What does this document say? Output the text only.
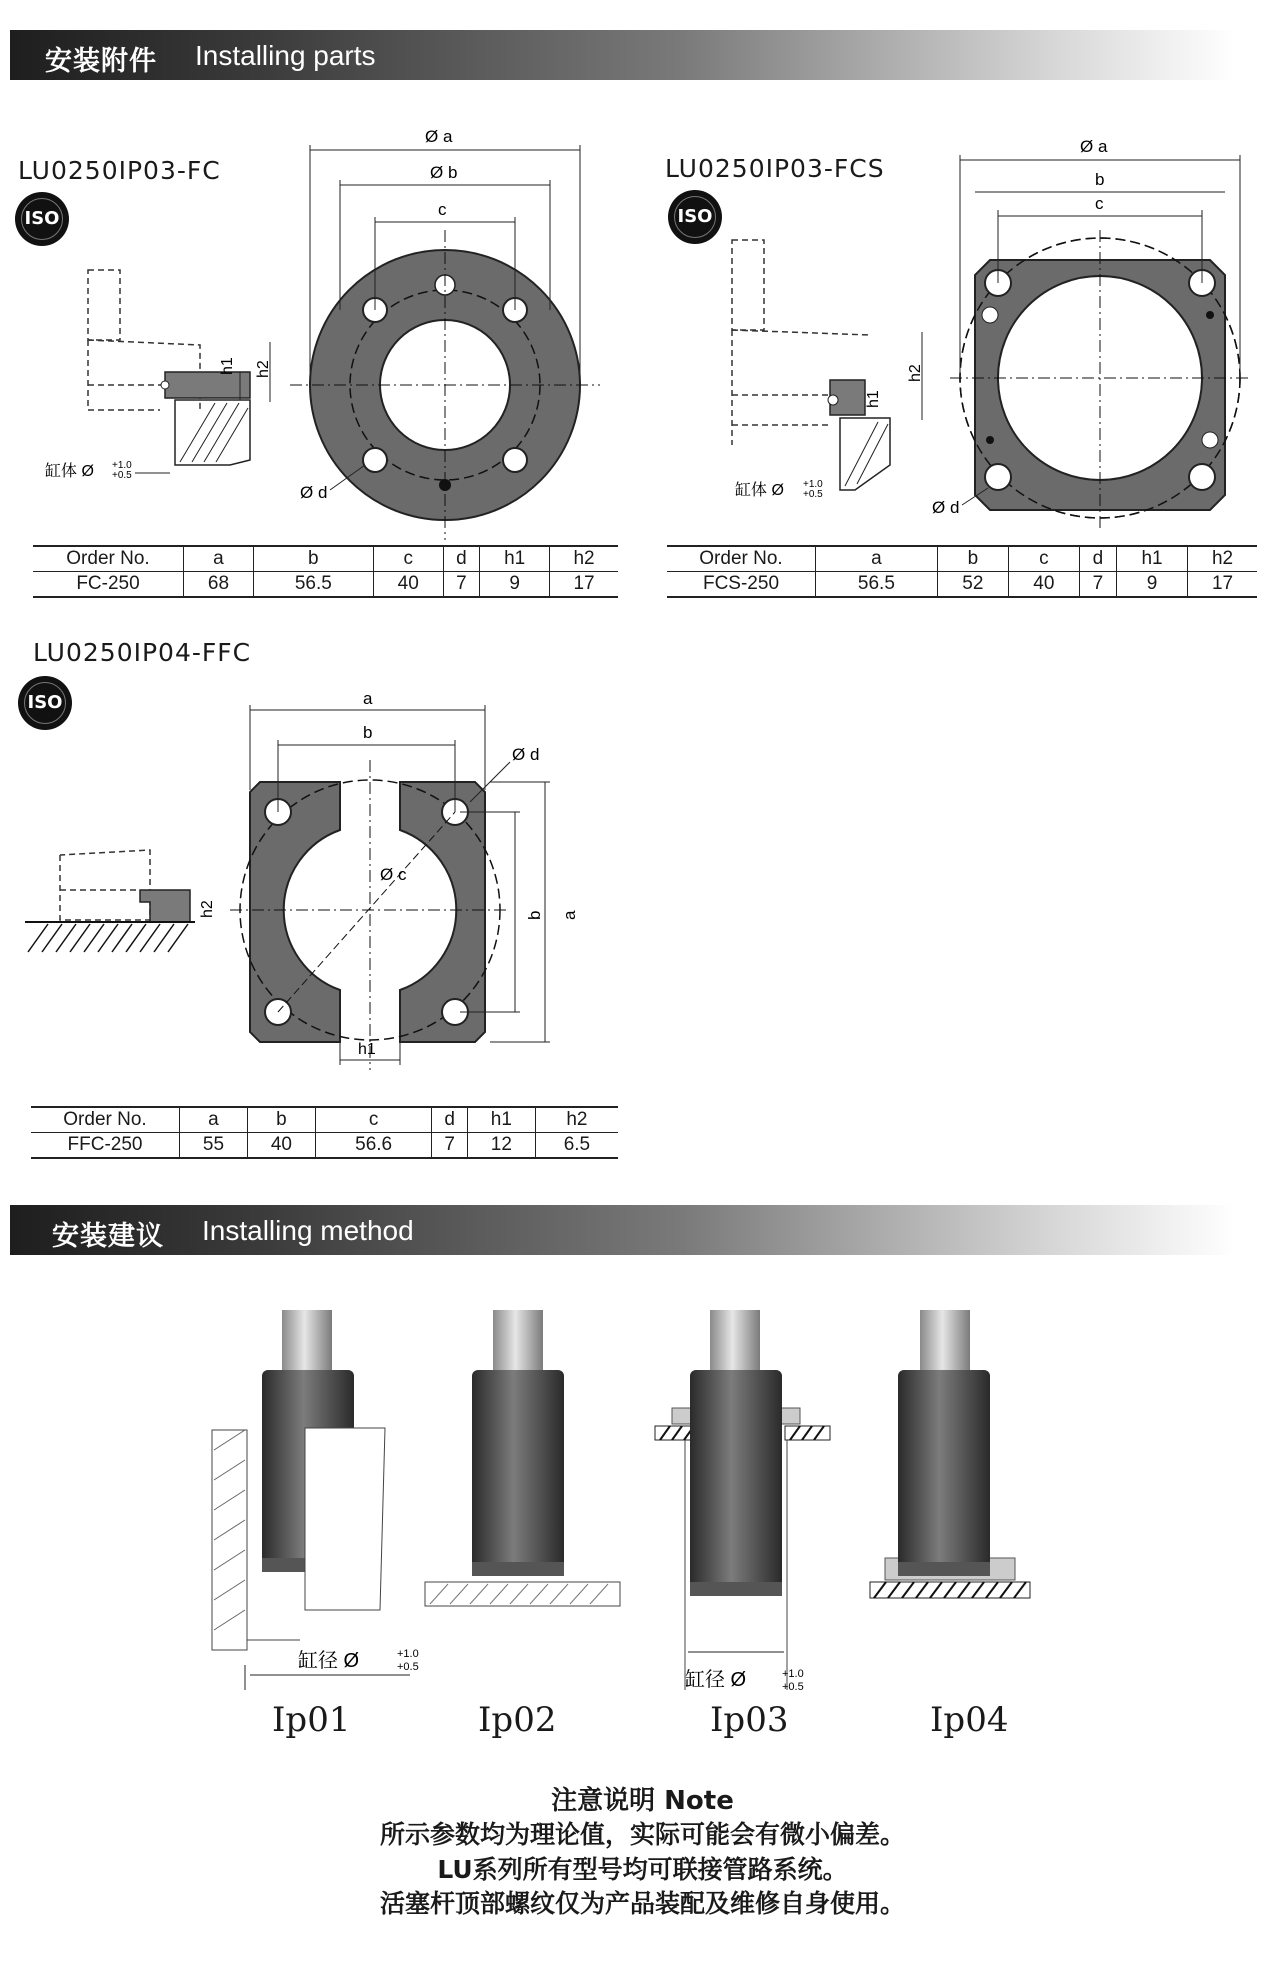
安装附件 Installing parts
LU0250IP03-FC
ISO
h1 h2
缸体 Ø +1.0
+0.5
Ø a
Ø b
c
Ø d
Order No.	a	b	c	d	h1	h2
FC-250	68	56.5	40	7	9	17
LU0250IP03-FCS
ISO
h1
h2
缸体 Ø +1.0
+0.5
Ø a
b
c
Ø d
Order No.	a	b	c	d	h1	h2
FCS-250	56.5	52	40	7	9	17
LU0250IP04-FFC
ISO
h2
a
b
Ø c
Ø d
a
b
h1
Order No.	a	b	c	d	h1	h2
FFC-250	55	40	56.6	7	12	6.5
安装建议 Installing method
缸径 Ø	+1.0
+0.5
缸径 Ø	+1.0
+0.5
Ip01	Ip02	Ip03	Ip04
注意说明 Note
所示参数均为理论值，实际可能会有微小偏差。
LU系列所有型号均可联接管路系统。
活塞杆顶部螺纹仅为产品装配及维修自身使用。
